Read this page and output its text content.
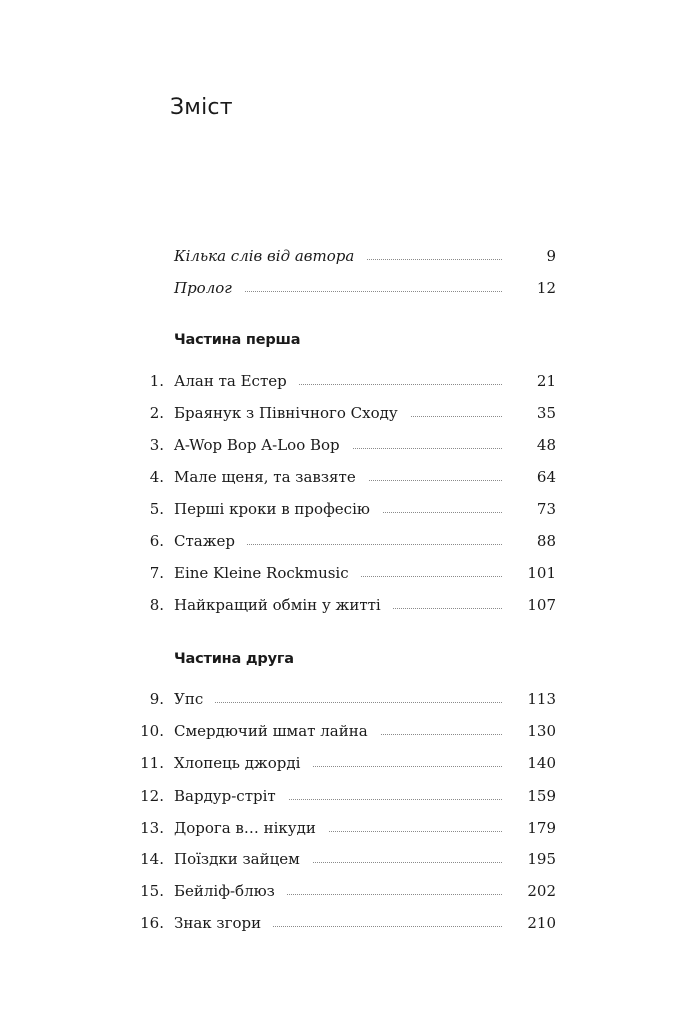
Зміст
Кілька слів від автора	9
Пролог	12
Частина перша
1. Алан та Естер	21
2. Браянук з Північного Сходу	35
3. A-Wop Bop A-Loo Bop	48
4. Мале щеня, та завзяте	64
5. Перші кроки в професію	73
6. Стажер	88
7. Eine Kleine Rockmusic	101
8. Найкращий обмін у житті	107
Частина друга
9. Упс	113
10. Смердючий шмат лайна	130
11. Хлопець джорді	140
12. Вардур-стріт	159
13. Дорога в… нікуди	179
14. Поїздки зайцем	195
15. Бейліф-блюз	202
16. Знак згори	210
